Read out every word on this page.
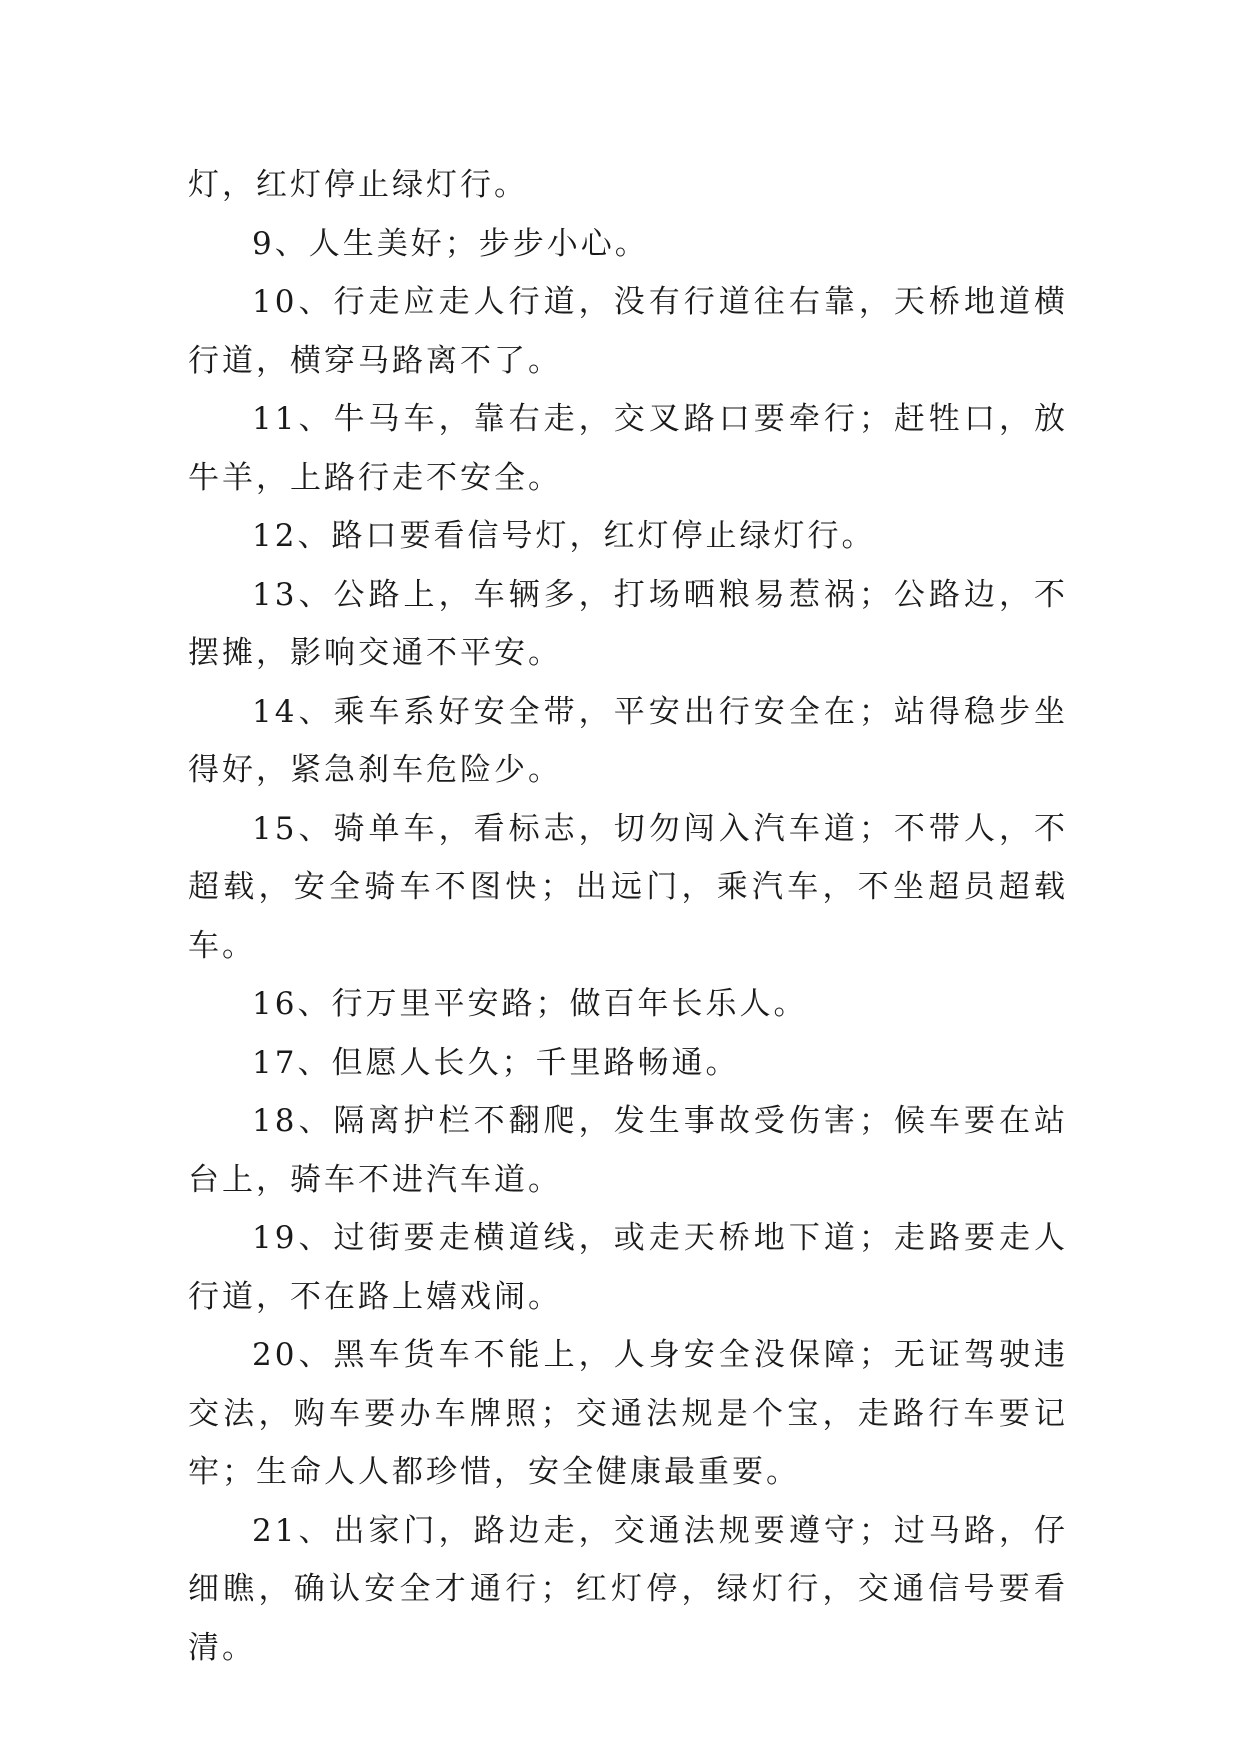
灯，红灯停止绿灯行。

9、人生美好；步步小心。

10、行走应走人行道，没有行道往右靠，天桥地道横行道，横穿马路离不了。

11、牛马车，靠右走，交叉路口要牵行；赶牲口，放牛羊，上路行走不安全。

12、路口要看信号灯，红灯停止绿灯行。

13、公路上，车辆多，打场晒粮易惹祸；公路边，不摆摊，影响交通不平安。

14、乘车系好安全带，平安出行安全在；站得稳步坐得好，紧急刹车危险少。

15、骑单车，看标志，切勿闯入汽车道；不带人，不超载，安全骑车不图快；出远门，乘汽车，不坐超员超载车。

16、行万里平安路；做百年长乐人。

17、但愿人长久；千里路畅通。

18、隔离护栏不翻爬，发生事故受伤害；候车要在站台上，骑车不进汽车道。

19、过街要走横道线，或走天桥地下道；走路要走人行道，不在路上嬉戏闹。

20、黑车货车不能上，人身安全没保障；无证驾驶违交法，购车要办车牌照；交通法规是个宝，走路行车要记牢；生命人人都珍惜，安全健康最重要。

21、出家门，路边走，交通法规要遵守；过马路，仔细瞧，确认安全才通行；红灯停，绿灯行，交通信号要看清。
